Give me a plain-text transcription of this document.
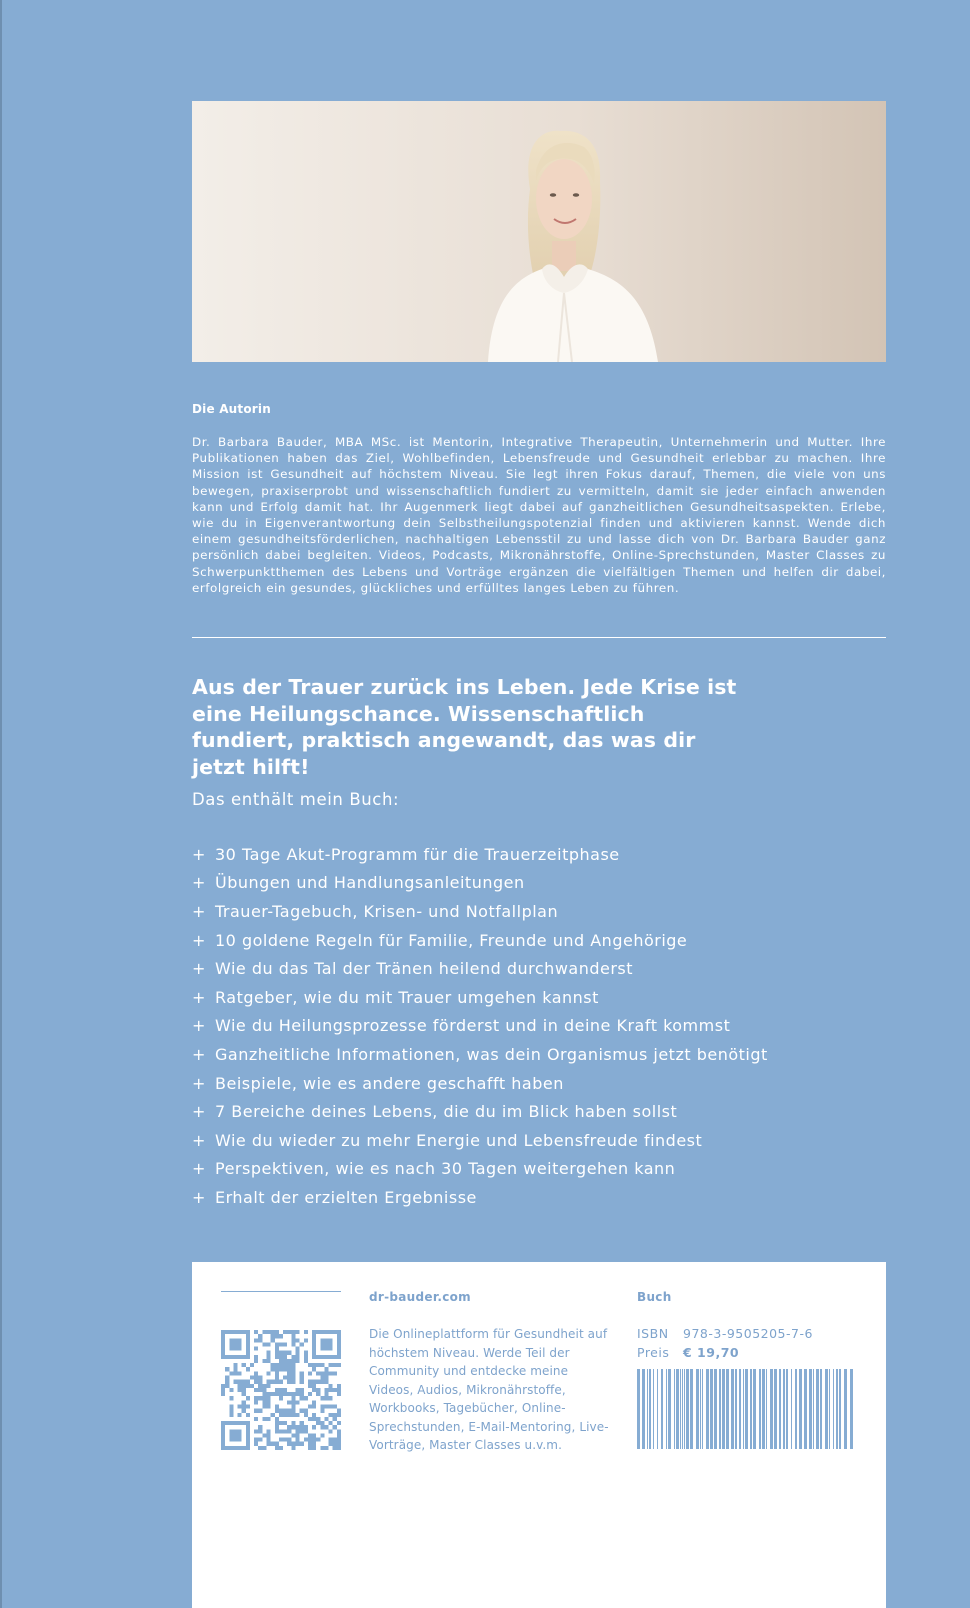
Die Autorin
Dr. Barbara Bauder, MBA MSc. ist Mentorin, Integrative Therapeutin, Unternehmerin und Mutter. Ihre Publikationen haben das Ziel, Wohlbefinden, Lebensfreude und Gesundheit erlebbar zu machen. Ihre Mission ist Gesundheit auf höchstem Niveau. Sie legt ihren Fokus darauf, Themen, die viele von uns bewegen, praxiserprobt und wissenschaftlich fundiert zu vermitteln, damit sie jeder einfach anwenden kann und Erfolg damit hat. Ihr Augenmerk liegt dabei auf ganzheitlichen Gesundheitsaspekten. Erlebe, wie du in Eigenverantwortung dein Selbstheilungspotenzial finden und aktivieren kannst. Wende dich einem gesundheitsförderlichen, nachhaltigen Lebensstil zu und lasse dich von Dr. Barbara Bauder ganz persönlich dabei begleiten. Videos, Podcasts, Mikronährstoffe, Online-Sprechstunden, Master Classes zu Schwerpunktthemen des Lebens und Vorträge ergänzen die vielfältigen Themen und helfen dir dabei, erfolgreich ein gesundes, glückliches und erfülltes langes Leben zu führen.
Aus der Trauer zurück ins Leben. Jede Krise ist eine Heilungschance. Wissenschaftlich fundiert, praktisch angewandt, das was dir jetzt hilft!
Das enthält mein Buch:
+ 30 Tage Akut-Programm für die Trauerzeitphase
+ Übungen und Handlungsanleitungen
+ Trauer-Tagebuch, Krisen- und Notfallplan
+ 10 goldene Regeln für Familie, Freunde und Angehörige
+ Wie du das Tal der Tränen heilend durchwanderst
+ Ratgeber, wie du mit Trauer umgehen kannst
+ Wie du Heilungsprozesse förderst und in deine Kraft kommst
+ Ganzheitliche Informationen, was dein Organismus jetzt benötigt
+ Beispiele, wie es andere geschafft haben
+ 7 Bereiche deines Lebens, die du im Blick haben sollst
+ Wie du wieder zu mehr Energie und Lebensfreude findest
+ Perspektiven, wie es nach 30 Tagen weitergehen kann
+ Erhalt der erzielten Ergebnisse
dr-bauder.com
Die Onlineplattform für Gesundheit auf höchstem Niveau. Werde Teil der Community und entdecke meine Videos, Audios, Mikronährstoffe, Workbooks, Tagebücher, Online-Sprechstunden, E-Mail-Mentoring, Live-Vorträge, Master Classes u.v.m.
Buch
ISBN 978-3-9505205-7-6
Preis € 19,70
